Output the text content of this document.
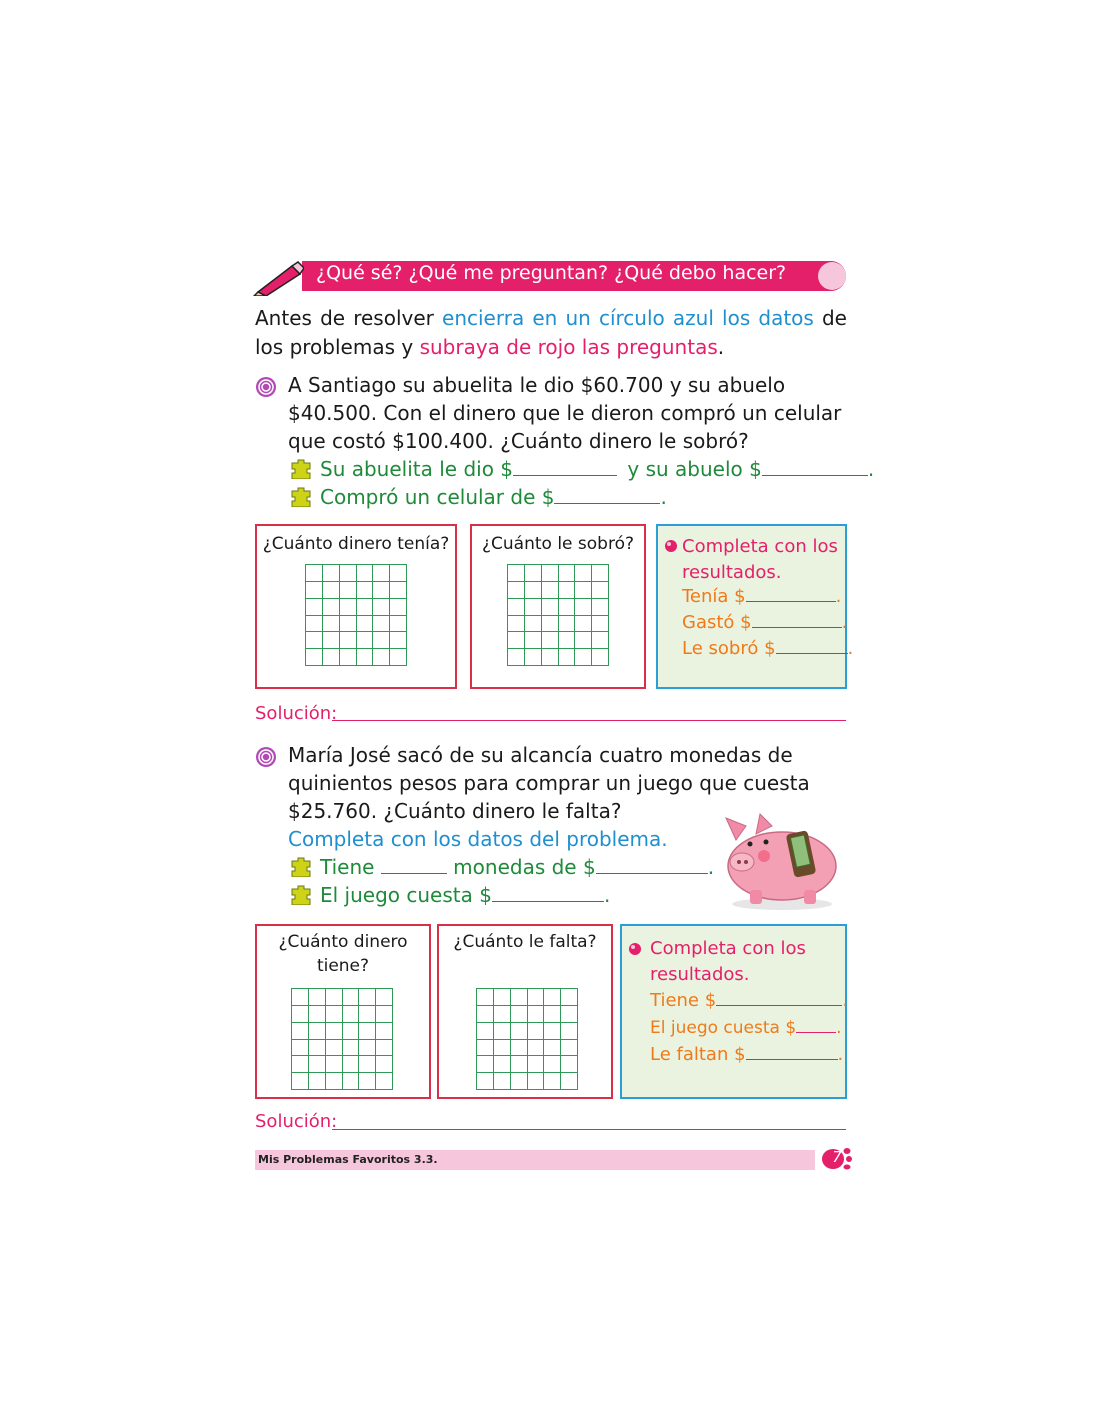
¿Qué sé? ¿Qué me preguntan? ¿Qué debo hacer?
Antes de resolver encierra en un círculo azul los datos de los problemas y subraya de rojo las preguntas.
A Santiago su abuelita le dio $60.700 y su abuelo $40.500. Con el dinero que le dieron compró un celular que costó $100.400. ¿Cuánto dinero le sobró?
Su abuelita le dio $	y su abuelo $	.
Compró un celular de $	.
¿Cuánto dinero tenía?	¿Cuánto le sobró?	Completa con los resultados.
Tenía $	.
Gastó $	.
Le sobró $	.
Solución:
María José sacó de su alcancía cuatro monedas de quinientos pesos para comprar un juego que cuesta $25.760. ¿Cuánto dinero le falta?
Completa con los datos del problema.
Tiene	monedas de $	.
El juego cuesta $	.
¿Cuánto dinero tiene?
¿Cuánto le falta?	Completa con los resultados.
Tiene $	.
El juego cuesta $ .
Le faltan $	.
Solución:
Mis Problemas Favoritos 3.3.	7
